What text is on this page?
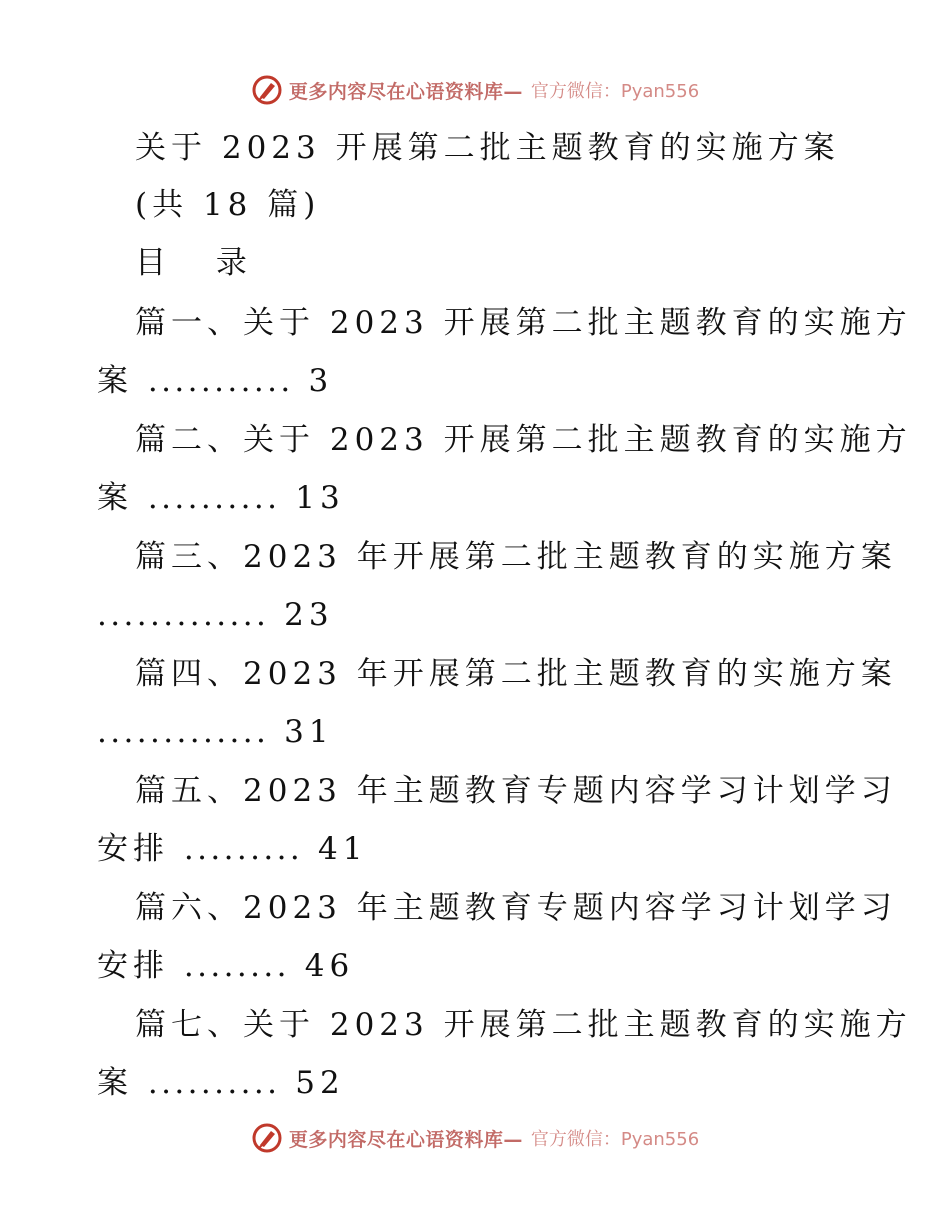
更多内容尽在心语资料库— 官方微信：Pyan556
关于 2023 开展第二批主题教育的实施方案
(共 18 篇)
目 录
篇一、关于 2023 开展第二批主题教育的实施方
案 ........... 3
篇二、关于 2023 开展第二批主题教育的实施方
案 .......... 13
篇三、2023 年开展第二批主题教育的实施方案
............. 23
篇四、2023 年开展第二批主题教育的实施方案
............. 31
篇五、2023 年主题教育专题内容学习计划学习
安排 ......... 41
篇六、2023 年主题教育专题内容学习计划学习
安排 ........ 46
篇七、关于 2023 开展第二批主题教育的实施方
案 .......... 52
更多内容尽在心语资料库— 官方微信：Pyan556
